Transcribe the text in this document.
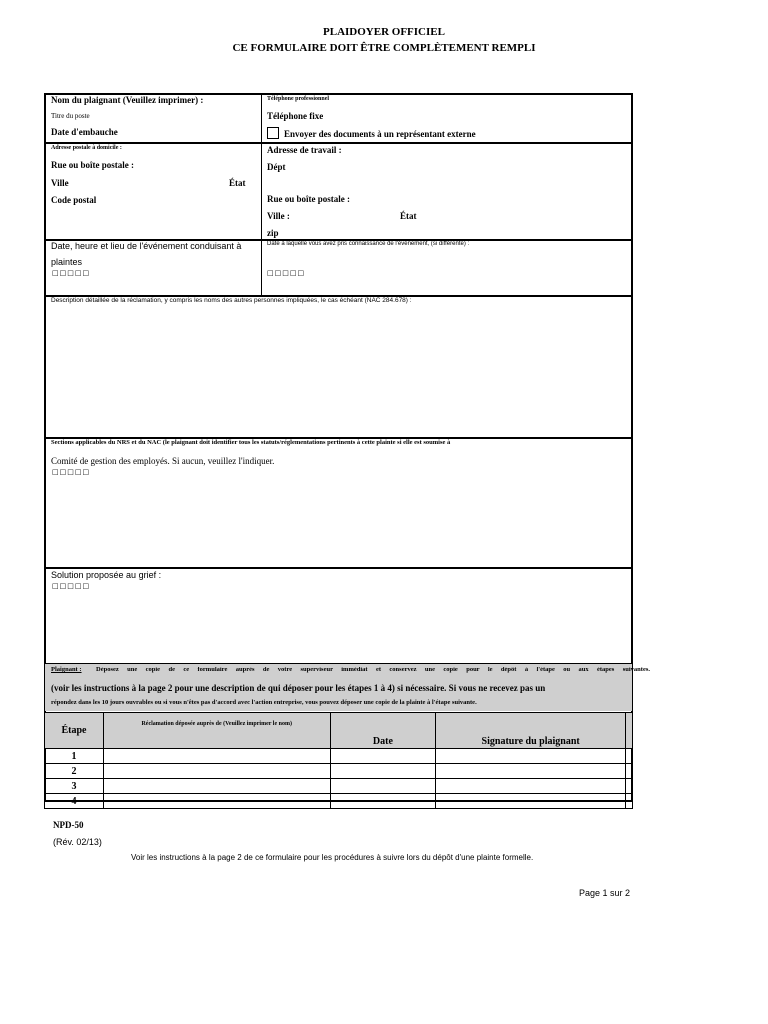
PLAIDOYER OFFICIEL
CE FORMULAIRE DOIT ÊTRE COMPLÈTEMENT REMPLI
Nom du plaignant (Veuillez imprimer) :
Titre du poste
Date d'embauche
Téléphone professionnel
Téléphone fixe
Envoyer des documents à un représentant externe
Adresse postale à domicile :
Rue ou boîte postale :
Ville	État
Code postal
Adresse de travail :
Dépt
Rue ou boîte postale :
Ville :	État
zip
Date, heure et lieu de l'événement conduisant à
plaintes
□□□□□
Date à laquelle vous avez pris connaissance de l'événement, (si différente) :
□□□□□
Description détaillée de la réclamation, y compris les noms des autres personnes impliquées, le cas échéant (NAC 284.678) :
Sections applicables du NRS et du NAC (le plaignant doit identifier tous les statuts/réglementations pertinents à cette plainte si elle est soumise à
Comité de gestion des employés. Si aucun, veuillez l'indiquer.
□□□□□
Solution proposée au grief :
□□□□□
Plaignant : Déposez une copie de ce formulaire auprès de votre superviseur immédiat et conservez une copie pour le dépôt à l'étape ou aux étapes suivantes.
(voir les instructions à la page 2 pour une description de qui déposer pour les étapes 1 à 4) si nécessaire. Si vous ne recevez pas un
répondez dans les 10 jours ouvrables ou si vous n'êtes pas d'accord avec l'action entreprise, vous pouvez déposer une copie de la plainte à l'étape suivante.
Étape	Réclamation déposée auprès de (Veuillez imprimer le nom)	Date	Signature du plaignant	
1				
2				
3				
4				
NPD-50
(Rév. 02/13)
Voir les instructions à la page 2 de ce formulaire pour les procédures à suivre lors du dépôt d'une plainte formelle.
Page 1 sur 2
